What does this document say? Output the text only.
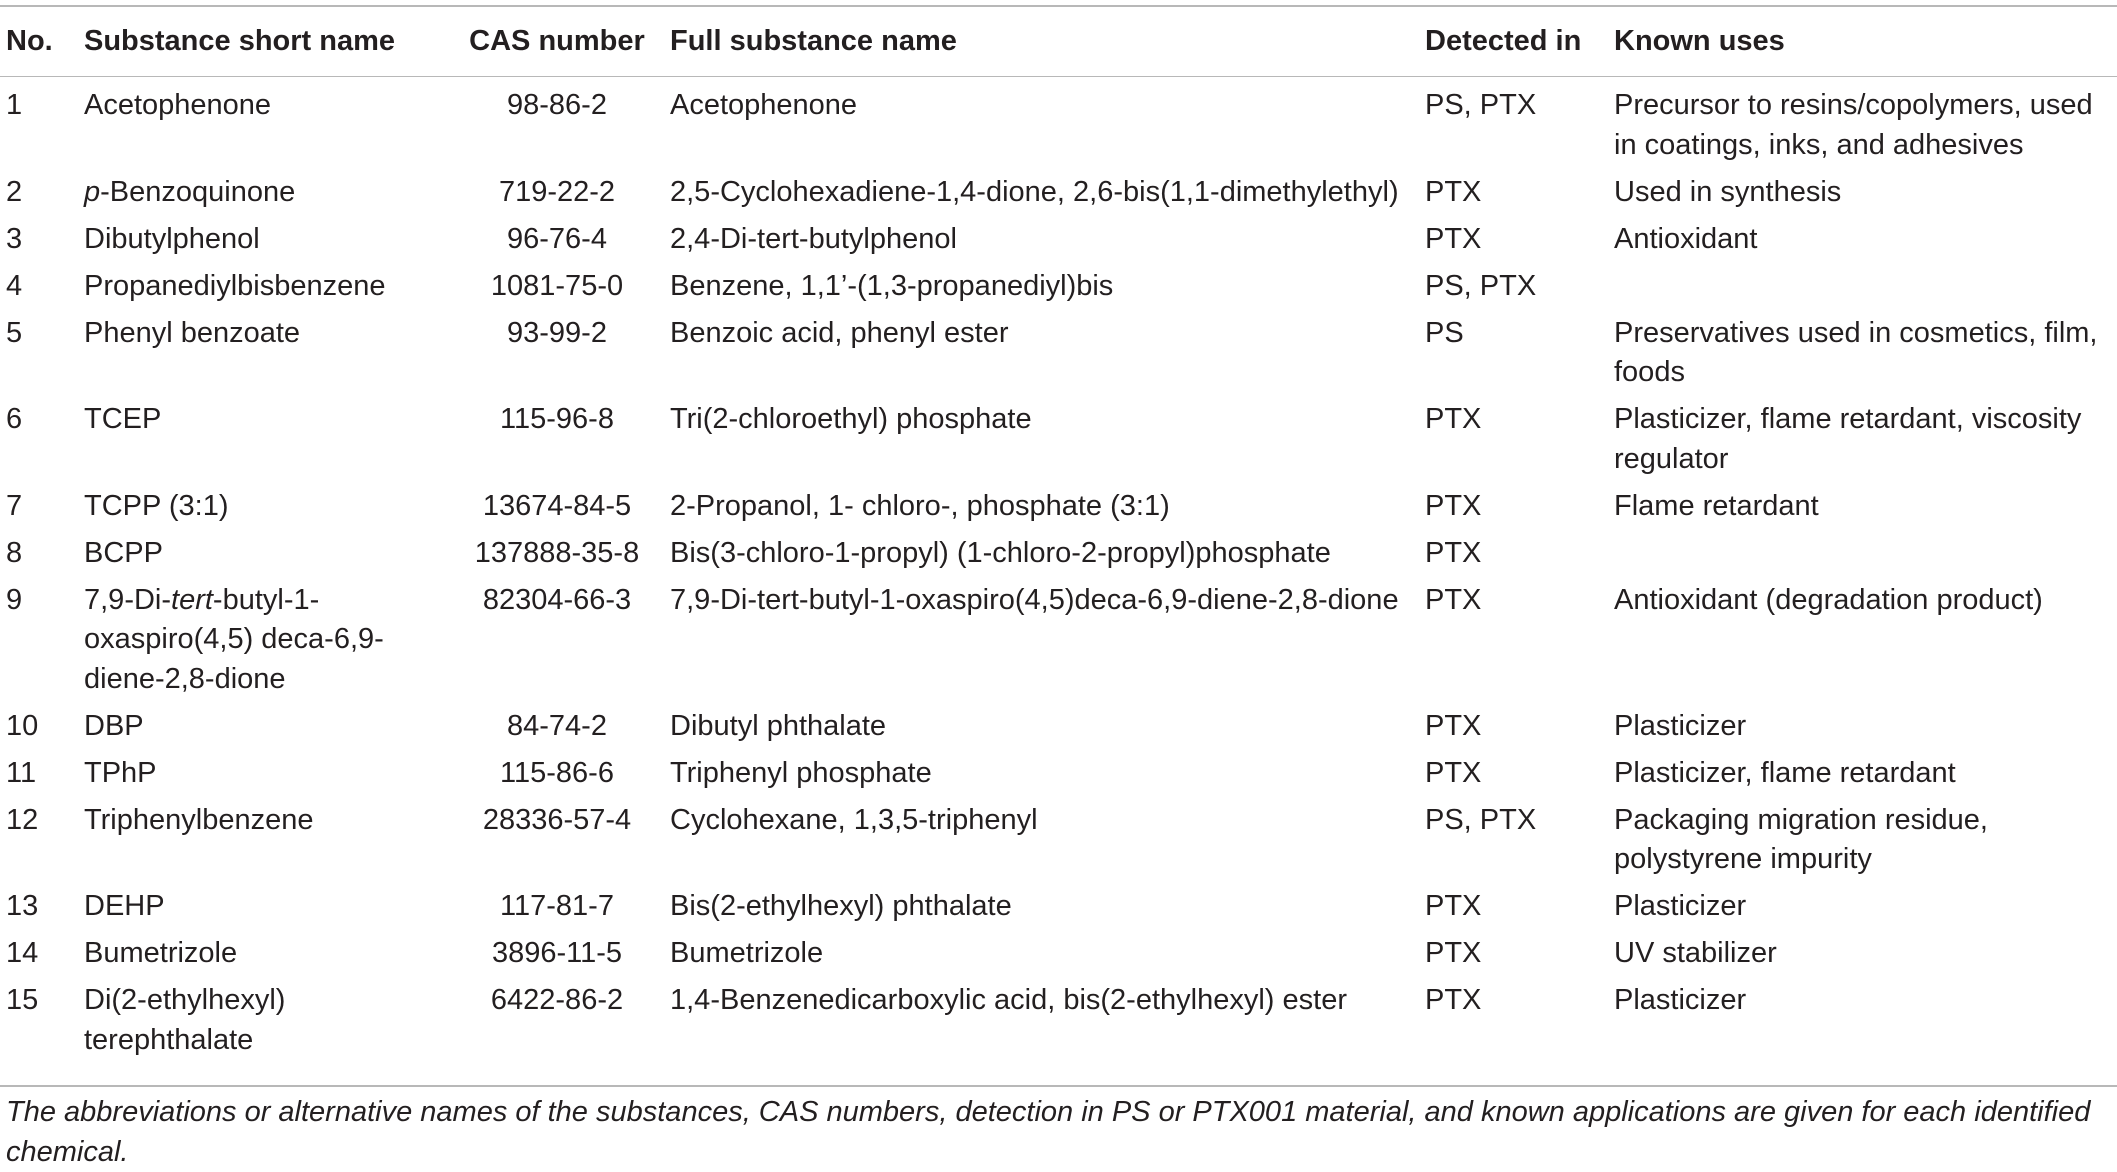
No.	Substance short name	CAS number	Full substance name	Detected in	Known uses
1	Acetophenone	98-86-2	Acetophenone	PS, PTX	Precursor to resins/copolymers, used in coatings, inks, and adhesives
2	p-Benzoquinone	719-22-2	2,5-Cyclohexadiene-1,4-dione, 2,6-bis(1,1-dimethylethyl)	PTX	Used in synthesis
3	Dibutylphenol	96-76-4	2,4-Di-tert-butylphenol	PTX	Antioxidant
4	Propanediylbisbenzene	1081-75-0	Benzene, 1,1’-(1,3-propanediyl)bis	PS, PTX	
5	Phenyl benzoate	93-99-2	Benzoic acid, phenyl ester	PS	Preservatives used in cosmetics, film, foods
6	TCEP	115-96-8	Tri(2-chloroethyl) phosphate	PTX	Plasticizer, flame retardant, viscosity regulator
7	TCPP (3:1)	13674-84-5	2-Propanol, 1- chloro-, phosphate (3:1)	PTX	Flame retardant
8	BCPP	137888-35-8	Bis(3-chloro-1-propyl) (1-chloro-2-propyl)phosphate	PTX	
9	7,9-Di-tert-butyl-1-oxaspiro(4,5) deca-6,9-diene-2,8-dione	82304-66-3	7,9-Di-tert-butyl-1-oxaspiro(4,5)deca-6,9-diene-2,8-dione	PTX	Antioxidant (degradation product)
10	DBP	84-74-2	Dibutyl phthalate	PTX	Plasticizer
11	TPhP	115-86-6	Triphenyl phosphate	PTX	Plasticizer, flame retardant
12	Triphenylbenzene	28336-57-4	Cyclohexane, 1,3,5-triphenyl	PS, PTX	Packaging migration residue, polystyrene impurity
13	DEHP	117-81-7	Bis(2-ethylhexyl) phthalate	PTX	Plasticizer
14	Bumetrizole	3896-11-5	Bumetrizole	PTX	UV stabilizer
15	Di(2-ethylhexyl) terephthalate	6422-86-2	1,4-Benzenedicarboxylic acid, bis(2-ethylhexyl) ester	PTX	Plasticizer
The abbreviations or alternative names of the substances, CAS numbers, detection in PS or PTX001 material, and known applications are given for each identified chemical.
